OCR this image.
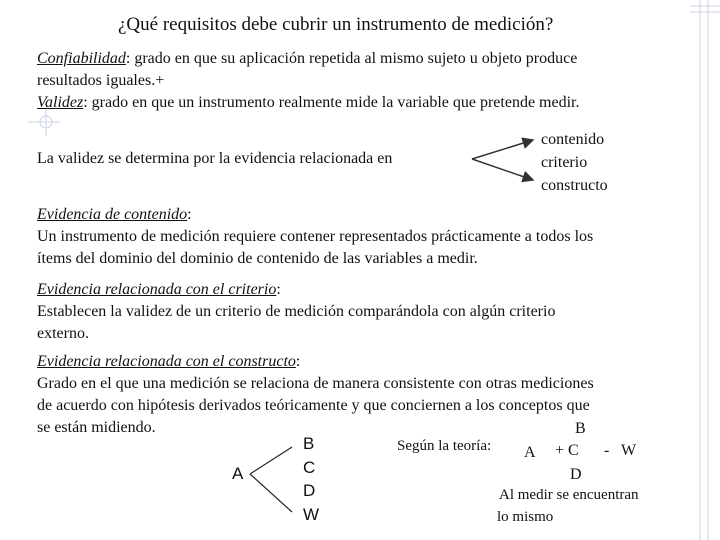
¿Qué requisitos debe cubrir un instrumento de medición?
Confiabilidad: grado en que su aplicación repetida al mismo sujeto u objeto produce
resultados iguales.+
Validez: grado en que un instrumento realmente mide la variable que pretende medir.
La validez se determina por la evidencia relacionada en
contenido
criterio
constructo
Evidencia de contenido:
Un instrumento de medición requiere contener representados prácticamente a todos los
ítems del dominio del dominio de contenido de las variables a medir.
Evidencia relacionada con el criterio:
Establecen la validez de un criterio de medición comparándola con algún criterio
externo.
Evidencia relacionada con el constructo:
Grado en el que una medición se relaciona de manera consistente con otras mediciones
de acuerdo con hipótesis derivados teóricamente y que conciernen a los conceptos que
se están midiendo.
A
B
C
D
W
Según la teoría: A
B
+ C - W
D
Al medir se encuentran
lo mismo
